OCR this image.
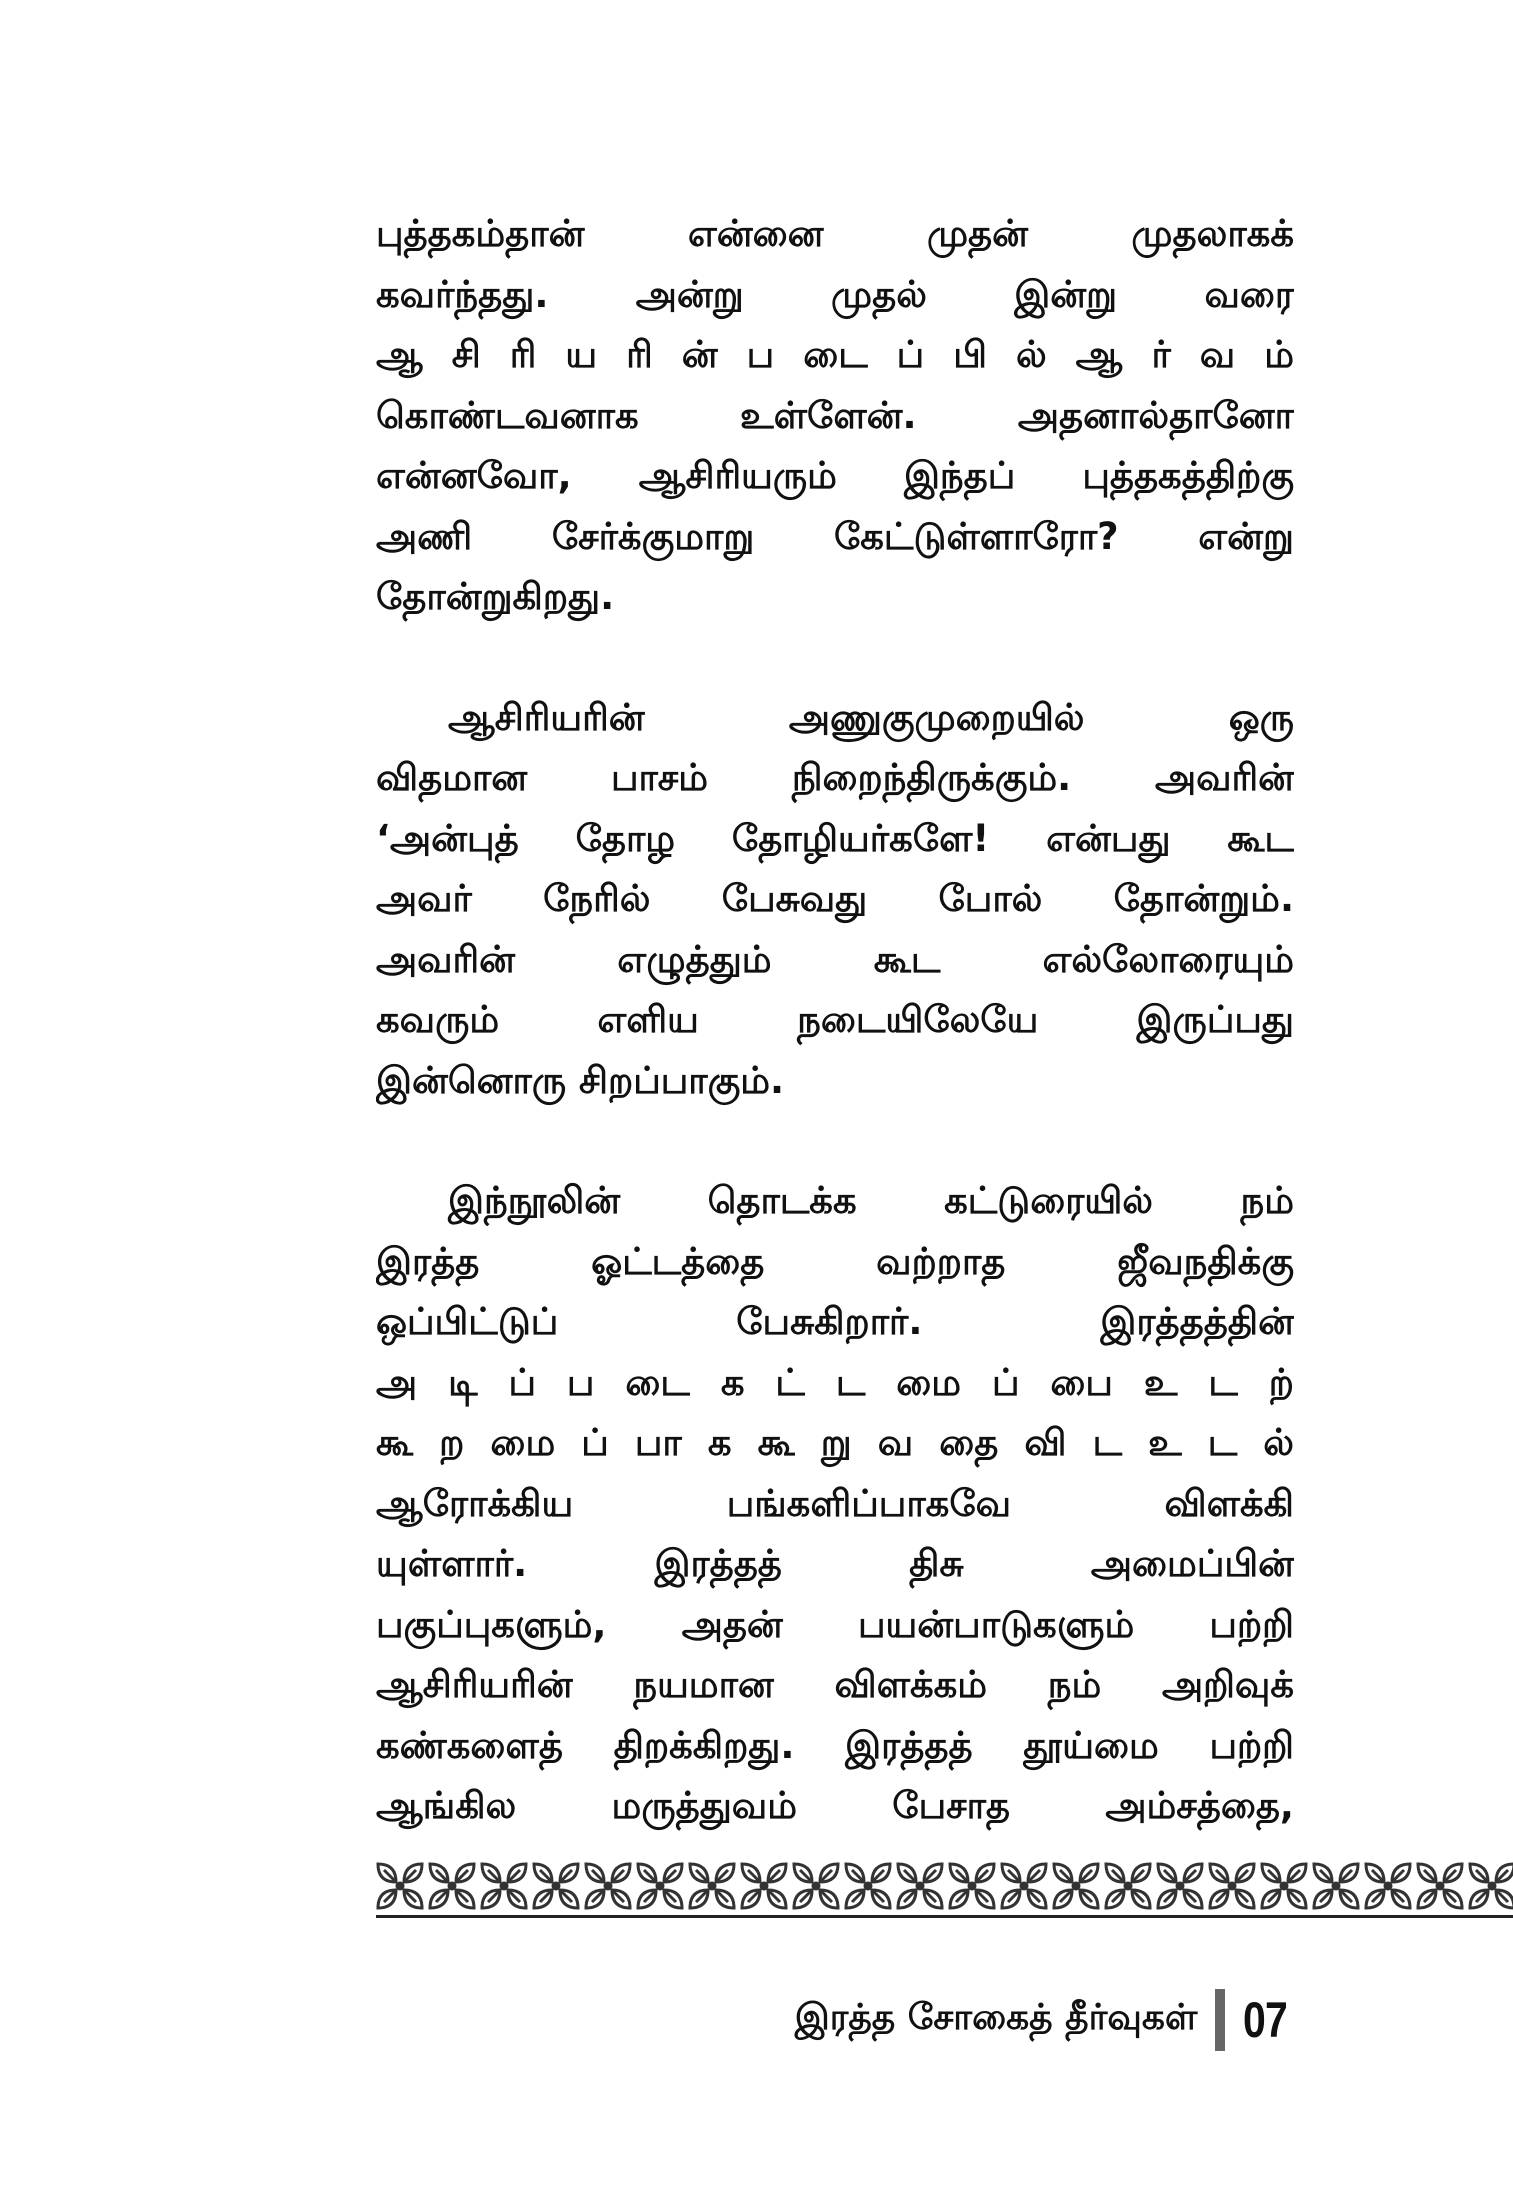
புத்தகம்தான் என்னை முதன் முதலாகக்
கவர்ந்தது. அன்று முதல் இன்று வரை
ஆ சி ரி ய ரி ன் ப டை ப் பி ல் ஆ ர் வ ம்
கொண்டவனாக உள்ளேன். அதனால்தானோ
என்னவோ, ஆசிரியரும் இந்தப் புத்தகத்திற்கு
அணி சேர்க்குமாறு கேட்டுள்ளாரோ? என்று
தோன்றுகிறது.
ஆசிரியரின் அணுகுமுறையில் ஒரு
விதமான பாசம் நிறைந்திருக்கும். அவரின்
‘அன்புத் தோழ தோழியர்களே! என்பது கூட
அவர் நேரில் பேசுவது போல் தோன்றும்.
அவரின் எழுத்தும் கூட எல்லோரையும்
கவரும் எளிய நடையிலேயே இருப்பது
இன்னொரு சிறப்பாகும்.
இந்நூலின் தொடக்க கட்டுரையில் நம்
இரத்த ஓட்டத்தை வற்றாத ஜீவநதிக்கு
ஒப்பிட்டுப் பேசுகிறார். இரத்தத்தின்
அ டி ப் ப டை க ட் ட மை ப் பை உ ட ற்
கூ ற மை ப் பா க கூ று வ தை வி ட உ ட ல்
ஆரோக்கிய பங்களிப்பாகவே விளக்கி
யுள்ளார். இரத்தத் திசு அமைப்பின்
பகுப்புகளும், அதன் பயன்பாடுகளும் பற்றி
ஆசிரியரின் நயமான விளக்கம் நம் அறிவுக்
கண்களைத் திறக்கிறது. இரத்தத் தூய்மை பற்றி
ஆங்கில மருத்துவம் பேசாத அம்சத்தை,
இரத்த சோகைத் தீர்வுகள் 07
